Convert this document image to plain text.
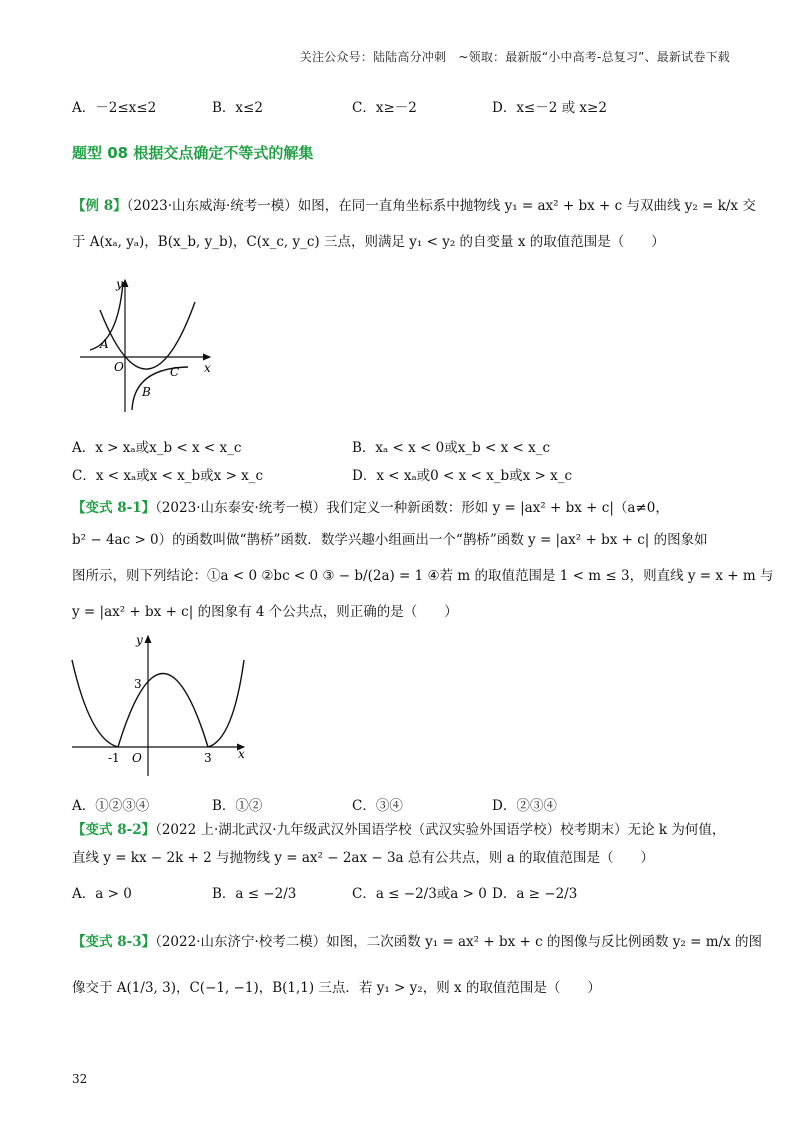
关注公众号：陆陆高分冲刺　~领取：最新版“小中高考-总复习”、最新试卷下载
A．－2≤x≤2	B．x≤2	C．x≥－2	D．x≤－2 或 x≥2
题型 08 根据交点确定不等式的解集
【例 8】（2023·山东威海·统考一模）如图，在同一直角坐标系中抛物线 y₁ = ax² + bx + c 与双曲线 y₂ = k/x 交
于 A(xₐ, yₐ)，B(x_b, y_b)，C(x_c, y_c) 三点，则满足 y₁ < y₂ 的自变量 x 的取值范围是（　　）
y
x
A
O
B
C
A．x > xₐ或x_b < x < x_c	B．xₐ < x < 0或x_b < x < x_c
C．x < xₐ或x < x_b或x > x_c	D．x < xₐ或0 < x < x_b或x > x_c
【变式 8-1】（2023·山东泰安·统考一模）我们定义一种新函数：形如 y = |ax² + bx + c|（a≠0，
b² − 4ac > 0）的函数叫做“鹊桥”函数．数学兴趣小组画出一个“鹊桥”函数 y = |ax² + bx + c| 的图象如
图所示，则下列结论：①a < 0 ②bc < 0 ③ − b/(2a) = 1 ④若 m 的取值范围是 1 < m ≤ 3，则直线 y = x + m 与
y = |ax² + bx + c| 的图象有 4 个公共点，则正确的是（　　）
y
x
3
-1 O	3
A．①②③④	B．①②	C．③④	D．②③④
【变式 8-2】（2022 上·湖北武汉·九年级武汉外国语学校（武汉实验外国语学校）校考期末）无论 k 为何值，
直线 y = kx − 2k + 2 与抛物线 y = ax² − 2ax − 3a 总有公共点，则 a 的取值范围是（　　）
A．a > 0	B．a ≤ −2/3	C．a ≤ −2/3或a > 0 D．a ≥ −2/3
【变式 8-3】（2022·山东济宁·校考二模）如图，二次函数 y₁ = ax² + bx + c 的图像与反比例函数 y₂ = m/x 的图
像交于 A(1/3, 3)，C(−1, −1)，B(1,1) 三点．若 y₁ > y₂，则 x 的取值范围是（　　）
32
